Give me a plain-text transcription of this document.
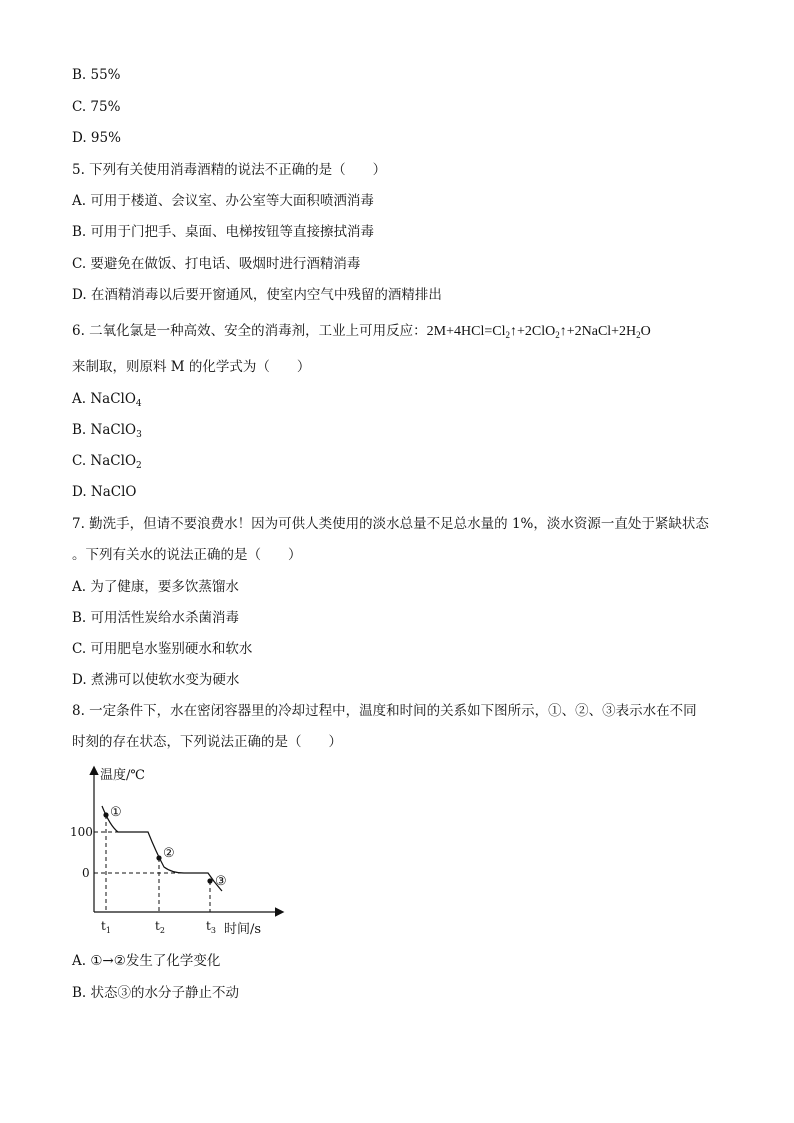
B. 55%
C. 75%
D. 95%
5. 下列有关使用消毒酒精的说法不正确的是（　　）
A. 可用于楼道、会议室、办公室等大面积喷洒消毒
B. 可用于门把手、桌面、电梯按钮等直接擦拭消毒
C. 要避免在做饭、打电话、吸烟时进行酒精消毒
D. 在酒精消毒以后要开窗通风，使室内空气中残留的酒精排出
6. 二氧化氯是一种高效、安全的消毒剂，工业上可用反应：$2M+4HCl=Cl_2↑+2ClO_2↑+2NaCl+2H_2O$
来制取，则原料 M 的化学式为（　　）
A. NaClO$_4$
B. NaClO$_3$
C. NaClO$_2$
D. NaClO
7. 勤洗手，但请不要浪费水！因为可供人类使用的淡水总量不足总水量的 1%，淡水资源一直处于紧缺状态
。下列有关水的说法正确的是（　　）
A. 为了健康，要多饮蒸馏水
B. 可用活性炭给水杀菌消毒
C. 可用肥皂水鉴别硬水和软水
D. 煮沸可以使软水变为硬水
8. 一定条件下，水在密闭容器里的冷却过程中，温度和时间的关系如下图所示，①、②、③表示水在不同
时刻的存在状态，下列说法正确的是（　　）
温度/℃
时间/s
100
0
①
②
③
$t_1$	$t_2$	$t_3$
A. ①→②发生了化学变化
B. 状态③的水分子静止不动
